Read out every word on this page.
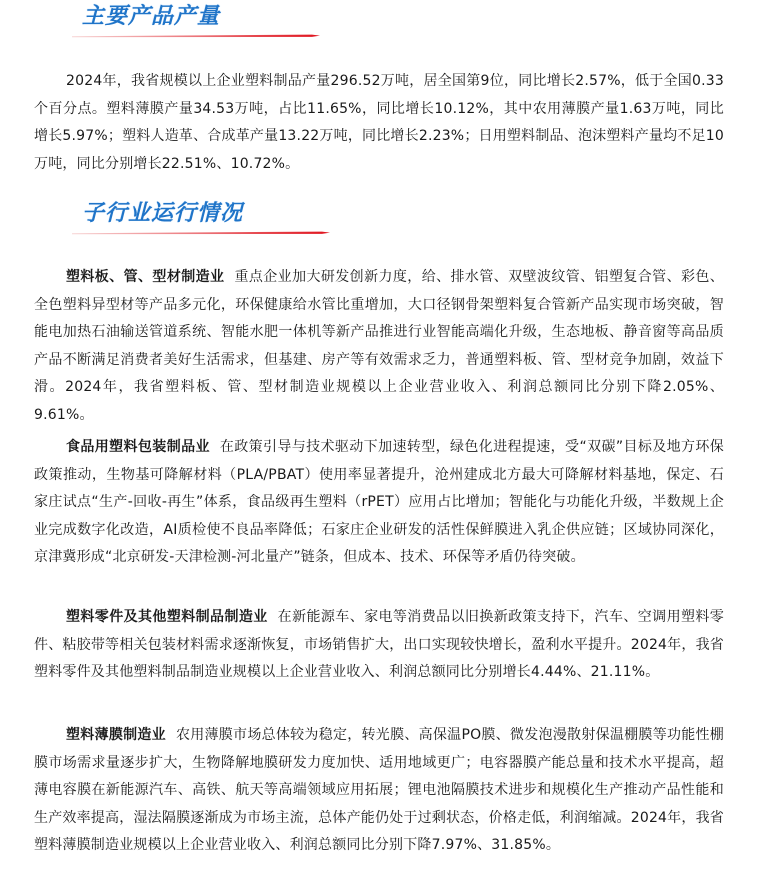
主要产品产量

2024年，我省规模以上企业塑料制品产量296.52万吨，居全国第9位，同比增长2.57%，低于全国0.33个百分点。塑料薄膜产量34.53万吨，占比11.65%，同比增长10.12%，其中农用薄膜产量1.63万吨，同比增长5.97%；塑料人造革、合成革产量13.22万吨，同比增长2.23%；日用塑料制品、泡沫塑料产量均不足10万吨，同比分别增长22.51%、10.72%。

子行业运行情况

塑料板、管、型材制造业 重点企业加大研发创新力度，给、排水管、双壁波纹管、铝塑复合管、彩色、全色塑料异型材等产品多元化，环保健康给水管比重增加，大口径钢骨架塑料复合管新产品实现市场突破，智能电加热石油输送管道系统、智能水肥一体机等新产品推进行业智能高端化升级，生态地板、静音窗等高品质产品不断满足消费者美好生活需求，但基建、房产等有效需求乏力，普通塑料板、管、型材竞争加剧，效益下滑。2024年，我省塑料板、管、型材制造业规模以上企业营业收入、利润总额同比分别下降2.05%、9.61%。

食品用塑料包装制品业 在政策引导与技术驱动下加速转型，绿色化进程提速，受“双碳”目标及地方环保政策推动，生物基可降解材料（PLA/PBAT）使用率显著提升，沧州建成北方最大可降解材料基地，保定、石家庄试点“生产-回收-再生”体系，食品级再生塑料（rPET）应用占比增加；智能化与功能化升级，半数规上企业完成数字化改造，AI质检使不良品率降低；石家庄企业研发的活性保鲜膜进入乳企供应链；区域协同深化，京津冀形成“北京研发-天津检测-河北量产”链条，但成本、技术、环保等矛盾仍待突破。

塑料零件及其他塑料制品制造业 在新能源车、家电等消费品以旧换新政策支持下，汽车、空调用塑料零件、粘胶带等相关包装材料需求逐渐恢复，市场销售扩大，出口实现较快增长，盈利水平提升。2024年，我省塑料零件及其他塑料制品制造业规模以上企业营业收入、利润总额同比分别增长4.44%、21.11%。

塑料薄膜制造业 农用薄膜市场总体较为稳定，转光膜、高保温PO膜、微发泡漫散射保温棚膜等功能性棚膜市场需求量逐步扩大，生物降解地膜研发力度加快、适用地域更广；电容器膜产能总量和技术水平提高，超薄电容膜在新能源汽车、高铁、航天等高端领域应用拓展；锂电池隔膜技术进步和规模化生产推动产品性能和生产效率提高，湿法隔膜逐渐成为市场主流，总体产能仍处于过剩状态，价格走低，利润缩减。2024年，我省塑料薄膜制造业规模以上企业营业收入、利润总额同比分别下降7.97%、31.85%。
